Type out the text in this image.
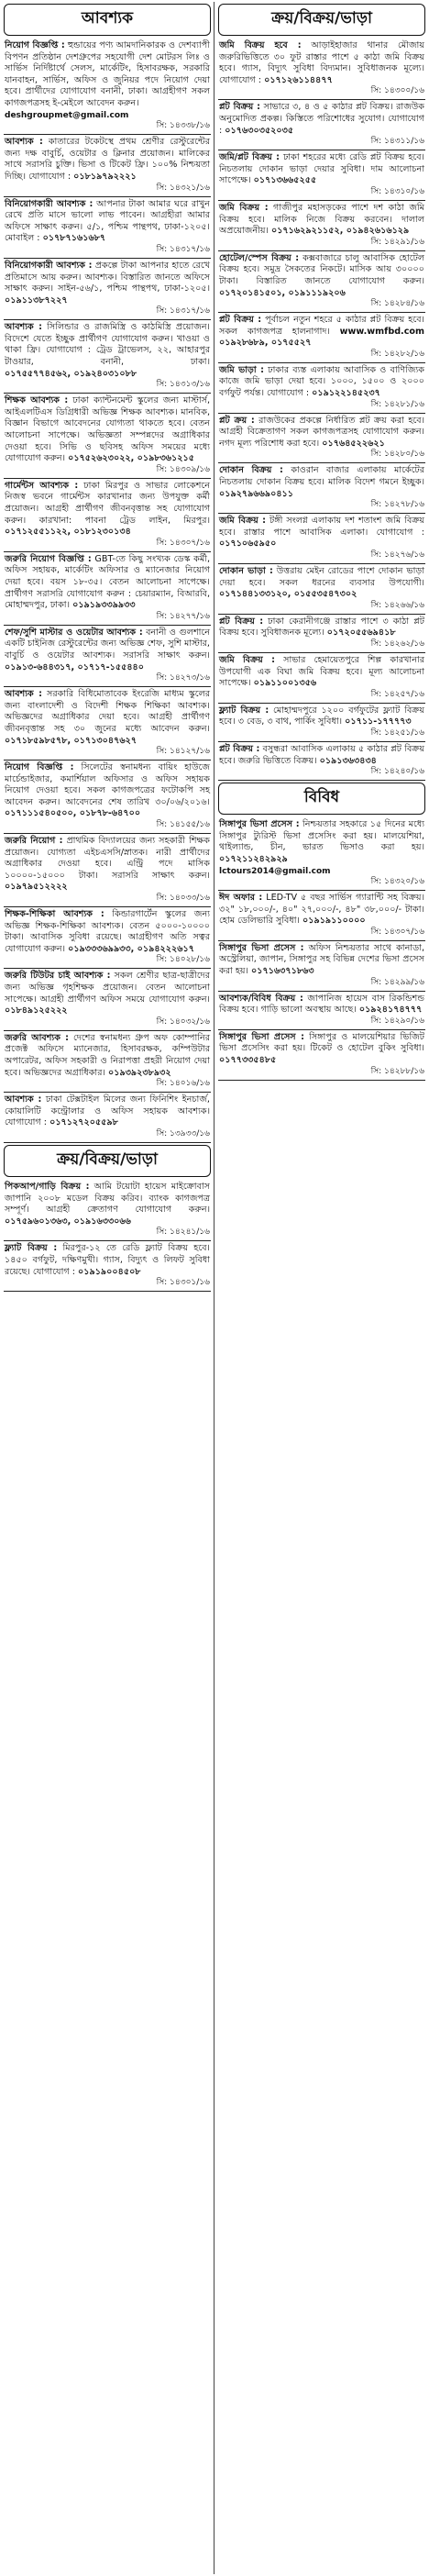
আবশ্যক
নিয়োগ বিজ্ঞপ্তি : হুন্ডায়ের পণ্য আমদানিকারক ও দেশব্যাপী বিপণন প্রতিষ্ঠান দেশগ্রুপের সহযোগী দেশ মোটরস লিঃ ও সার্ভিস নির্দিষ্টার্থে সেলস, মার্কেটিং, হিসাবরক্ষক, সরকারি যানবাহন, সার্ভিস, অফিস ও জুনিয়র পদে নিয়োগ দেয়া হবে। প্রার্থীদের যোগাযোগ বনানী, ঢাকা। আগ্রহীগণ সকল কাগজপত্রসহ ই-মেইলে আবেদন করুন।
deshgroupmet@gmail.com
সি: ১৪৩৩৮/১৬
আবশ্যক : কাতারের টকেটস্থে প্রথম শ্রেণীর রেস্টুরেন্টের জন্য দক্ষ বাবুর্চি, ওয়েটার ও ক্লিনার প্রয়োজন। মালিকের সাথে সরাসরি চুক্তি। ভিসা ও টিকেট ফ্রি। ১০০% নিশ্চয়তা দিচ্ছি। যোগাযোগ : ০১৮১৯৭৯২২২১
সি: ১৪৩২১/১৬
বিনিয়োগকারী আবশ্যক : আপনার টাকা আমার ঘরে রাখুন রেখে প্রতি মাসে ভালো লাভ পাবেন। আগ্রহীরা আমার অফিসে সাক্ষাৎ করুন। ৫/১, পশ্চিম পান্থপথ, ঢাকা-১২০৫। মোবাইল : ০১৭৮৭১৬১৬৮৭
সি: ১৪৩১৭/১৬
বিনিয়োগকারী আবশ্যক : প্রকল্পে টাকা আপনার হাতে রেখে প্রতিমাসে আয় করুন। আবশ্যক। বিস্তারিত জানতে অফিসে সাক্ষাৎ করুন। সাইন-৫৬/১, পশ্চিম পান্থপথ, ঢাকা-১২০৫। ০১৯১১৩৮৭২২৭
সি: ১৪৩১৭/১৬
আবশ্যক : সিলিন্ডার ও রাজমিস্ত্রি ও কাঠমিস্ত্রি প্রয়োজন। বিদেশে যেতে ইচ্ছুক প্রার্থীগণ যোগাযোগ করুন। খাওয়া ও থাকা ফ্রি। যোগাযোগ : ট্রেড ট্রাভেলস, ২২, আহারপুর টাওয়ার, বনানী, ঢাকা। ০১৭৫৫৭৭৪৫৬২, ০১৯২৪০৩১০৮৮
সি: ১৪৩১৩/১৬
শিক্ষক আবশ্যক : ঢাকা ক্যান্টনমেন্ট স্কুলের জন্য মাস্টার্স, আইএলটিএস ডিগ্রিধারী অভিজ্ঞ শিক্ষক আবশ্যক। মানবিক, বিজ্ঞান বিভাগে আবেদনের যোগ্যতা থাকতে হবে। বেতন আলোচনা সাপেক্ষে। অভিজ্ঞতা সম্পন্নদের অগ্রাধিকার দেওয়া হবে। সিভি ও ছবিসহ অফিস সময়ের মধ্যে যোগাযোগ করুন। ০১৭৫২৬২৩০২২, ০১৯৮৩৬১২১৫
সি: ১৪৩০৯/১৬
গার্মেন্টস আবশ্যক : ঢাকা মিরপুর ও সাভার লোকেশনে নিজস্ব ভবনে গার্মেন্টস কারখানার জন্য উপযুক্ত কর্মী প্রয়োজন। আগ্রহী প্রার্থীগণ জীবনবৃত্তান্ত সহ যোগাযোগ করুন। কারখানা: পাবনা ট্রেড লাইন, মিরপুর। ০১৭১২৫৫১১২২, ০১৮১২৩০১৩৪
সি: ১৪৩০৭/১৬
জরুরি নিয়োগ বিজ্ঞপ্তি : GBT-তে কিছু সংখ্যক ডেস্ক কর্মী, অফিস সহায়ক, মার্কেটিং অফিসার ও ম্যানেজার নিয়োগ দেয়া হবে। বয়স ১৮-৩৫। বেতন আলোচনা সাপেক্ষে। প্রার্থীগণ সরাসরি যোগাযোগ করুন : চেয়ারম্যান, বিআরবি, মোহাম্মদপুর, ঢাকা। ০১৯১৯৩৩৯৯৩৩
সি: ১৪২৭৭/১৬
শেফ/সুশি মাস্টার ও ওয়েটার আবশ্যক : বনানী ও গুলশানে একটি চাইনিজ রেস্টুরেন্টের জন্য অভিজ্ঞ শেফ, সুশি মাস্টার, বাবুর্চি ও ওয়েটার আবশ্যক। সরাসরি সাক্ষাৎ করুন। ০১৯১৩-৬৪৪৩১৭, ০১৭১৭-১৫৫৪৪০
সি: ১৪২৭৩/১৬
আবশ্যক : সরকারি বিধিমোতাবেক ইংরেজি মাধ্যম স্কুলের জন্য বাংলাদেশী ও বিদেশী শিক্ষক শিক্ষিকা আবশ্যক। অভিজ্ঞদের অগ্রাধিকার দেয়া হবে। আগ্রহী প্রার্থীগণ জীবনবৃত্তান্ত সহ ৩০ জুনের মধ্যে আবেদন করুন। ০১৭১৮৫৯৮৫৭৮, ০১৭১৩০৪৭৬২৭
সি: ১৪১২৭/১৬
নিয়োগ বিজ্ঞপ্তি : সিলেটের স্বনামধন্য বায়িং হাউজে মার্চেন্ডাইজার, কমার্শিয়াল অফিসার ও অফিস সহায়ক নিয়োগ দেওয়া হবে। সকল কাগজপত্রের ফটোকপি সহ আবেদন করুন। আবেদনের শেষ তারিখ ৩০/০৬/২০১৬। ০১৭১১১৫৪০৫০০, ০১৮৭৮-৬৪৭০০
সি: ১৪১৫৫/১৬
জরুরি নিয়োগ : প্রাথমিক বিদ্যালয়ের জন্য সহকারী শিক্ষক প্রয়োজন। যোগ্যতা এইচএসসি/স্নাতক। নারী প্রার্থীদের অগ্রাধিকার দেওয়া হবে। এন্ট্রি পদে মাসিক ১০০০০-১৫০০০ টাকা। সরাসরি সাক্ষাৎ করুন। ০১৯৭৯৫১২২২২
সি: ১৪০৩৩/১৬
শিক্ষক-শিক্ষিকা আবশ্যক : কিন্ডারগার্টেন স্কুলের জন্য অভিজ্ঞ শিক্ষক-শিক্ষিকা আবশ্যক। বেতন ৫০০০-১০০০০ টাকা। আবাসিক সুবিধা রয়েছে। আগ্রহীগণ অতি সত্বর যোগাযোগ করুন। ০১৯৩৩৩৬৯৯৩৩, ০১৯৪২২২৬১৭
সি: ১৪০২৮/১৬
জরুরি টিউটর চাই আবশ্যক : সকল শ্রেণীর ছাত্র-ছাত্রীদের জন্য অভিজ্ঞ গৃহশিক্ষক প্রয়োজন। বেতন আলোচনা সাপেক্ষে। আগ্রহী প্রার্থীগণ অফিস সময়ে যোগাযোগ করুন। ০১৮৪৯১২৫২২২
সি: ১৪০৩২/১৬
জরুরি আবশ্যক : দেশের স্বনামধন্য গ্রুপ অফ কোম্পানির প্রজেক্ট অফিসে ম্যানেজার, হিসাবরক্ষক, কম্পিউটার অপারেটর, অফিস সহকারী ও নিরাপত্তা প্রহরী নিয়োগ দেয়া হবে। অভিজ্ঞদের অগ্রাধিকার। ০১৯৩৯২৩৮৯৩২
সি: ১৪০১৬/১৬
আবশ্যক : ঢাকা টেক্সটাইল মিলের জন্য ফিনিশিং ইনচার্জ, কোয়ালিটি কন্ট্রোলার ও অফিস সহায়ক আবশ্যক। যোগাযোগ : ০১৭১২৭২০৫৫৯৮
সি: ১৩৯৩৩/১৬
ক্রয়/বিক্রয়/ভাড়া
পিকআপ/গাড়ি বিক্রয় : আমি টয়োটা হায়েস মাইক্রোবাস জাপানি ২০০৮ মডেল বিক্রয় করিব। ব্যাংক কাগজপত্র সম্পূর্ণ। আগ্রহী ক্রেতাগণ যোগাযোগ করুন। ০১৭৫৯৬০১৩৬৩, ০১৯১৬৩৩০৬৬
সি: ১৪২৪১/১৬
ফ্ল্যাট বিক্রয় : মিরপুর-১২ তে রেডি ফ্ল্যাট বিক্রয় হবে। ১৪৫০ বর্গফুট, দক্ষিণমুখী। গ্যাস, বিদ্যুৎ ও লিফট সুবিধা রয়েছে। যোগাযোগ : ০১৯১৯০০৪৫০৮
সি: ১৪৩০১/১৬
ক্রয়/বিক্রয়/ভাড়া
জমি বিক্রয় হবে : আড়াইহাজার থানার মৌজায় জরুরিভিত্তিতে ৩০ ফুট রাস্তার পাশে ৫ কাঠা জমি বিক্রয় হবে। গ্যাস, বিদ্যুৎ সুবিধা বিদ্যমান। সুবিধাজনক মূল্যে। যোগাযোগ : ০১৭১২৬১১৪৪৭৭
সি: ১৪৩০০/১৬
প্লট বিক্রয় : সাভারে ৩, ৪ ও ৫ কাঠার প্লট বিক্রয়। রাজউক অনুমোদিত প্রকল্প। কিস্তিতে পরিশোধের সুযোগ। যোগাযোগ : ০১৭৬৩০৩৫২০৩৫
সি: ১৪৩১১/১৬
জমি/প্লট বিক্রয় : ঢাকা শহরের মধ্যে রেডি প্লট বিক্রয় হবে। নিচতলায় দোকান ভাড়া দেয়ার সুবিধা। দাম আলোচনা সাপেক্ষে। ০১৭১৩৬৬৫২৫৫
সি: ১৪৩১০/১৬
জমি বিক্রয় : গাজীপুর মহাসড়কের পাশে দশ কাঠা জমি বিক্রয় হবে। মালিক নিজে বিক্রয় করবেন। দালাল অপ্রয়োজনীয়। ০১৭১৬২৯২১১৫২, ০১৯৪২৬১৬১২৯
সি: ১৪২৯১/১৬
হোটেল/স্পেস বিক্রয় : কক্সবাজারে চালু আবাসিক হোটেল বিক্রয় হবে। সমুদ্র সৈকতের নিকটে। মাসিক আয় ৩০০০০ টাকা। বিস্তারিত জানতে যোগাযোগ করুন। ০১৭২০১৪১৫০১, ০১৯১১১৯২০৬
সি: ১৪২৮৪/১৬
প্লট বিক্রয় : পূর্বাচল নতুন শহরে ৫ কাঠার প্লট বিক্রয় হবে। সকল কাগজপত্র হালনাগাদ। www.wmfbd.com ০১৯২৮৬৮৯, ০১৭৫৫২৭
সি: ১৪২৮২/১৬
জমি ভাড়া : ঢাকার ব্যস্ত এলাকায় আবাসিক ও বাণিজ্যিক কাজে জমি ভাড়া দেয়া হবে। ১০০০, ১৫০০ ও ২০০০ বর্গফুট পর্যন্ত। যোগাযোগ : ০১৯১২২১৪৫২৩৭
সি: ১৪২৮১/১৬
প্লট ক্রয় : রাজউকের প্রকল্পে নির্ধারিত প্লট ক্রয় করা হবে। আগ্রহী বিক্রেতাগণ সকল কাগজপত্রসহ যোগাযোগ করুন। নগদ মূল্য পরিশোধ করা হবে। ০১৭৬৪৫২২৬২১
সি: ১৪২৮০/১৬
দোকান বিক্রয় : কাওরান বাজার এলাকায় মার্কেটের নিচতলায় দোকান বিক্রয় হবে। মালিক বিদেশ গমনে ইচ্ছুক। ০১৯২৭৯৬৬৯০৪১১
সি: ১৪২৭৮/১৬
জমি বিক্রয় : টঙ্গী সংলগ্ন এলাকায় দশ শতাংশ জমি বিক্রয় হবে। রাস্তার পাশে আবাসিক এলাকা। যোগাযোগ : ০১৭১০৬৫৯৫০
সি: ১৪২৭৬/১৬
দোকান ভাড়া : উত্তরায় মেইন রোডের পাশে দোকান ভাড়া দেয়া হবে। সকল ধরনের ব্যবসার উপযোগী। ০১৭১৪৪১৩৩১২০, ০১৫৫৩৫৪৭৩০২
সি: ১৪২৬৬/১৬
প্লট বিক্রয় : ঢাকা কেরানীগঞ্জে রাস্তার পাশে ৩ কাঠা প্লট বিক্রয় হবে। সুবিধাজনক মূল্যে। ০১৭২০৫৫৬৯৪১৮
সি: ১৪২৬২/১৬
জমি বিক্রয় : সাভার হেমায়েতপুরে শিল্প কারখানার উপযোগী এক বিঘা জমি বিক্রয় হবে। মূল্য আলোচনা সাপেক্ষে। ০১৯১১০০১৩৫৬
সি: ১৪২৫৭/১৬
ফ্ল্যাট বিক্রয় : মোহাম্মদপুরে ১২০০ বর্গফুটের ফ্ল্যাট বিক্রয় হবে। ৩ বেড, ৩ বাথ, পার্কিং সুবিধা। ০১৭১১-১৭৭৭৭৩
সি: ১৪২৫১/১৬
প্লট বিক্রয় : বসুন্ধরা আবাসিক এলাকায় ৫ কাঠার প্লট বিক্রয় হবে। জরুরি ভিত্তিতে বিক্রয়। ০১৯১৩৬৩৪৩৪
সি: ১৪২৪০/১৬
বিবিধ
সিঙ্গাপুর ভিসা প্রসেস : নিশ্চয়তার সহকারে ১৫ দিনের মধ্যে সিঙ্গাপুর ট্যুরিস্ট ভিসা প্রসেসিং করা হয়। মালয়েশিয়া, থাইল্যান্ড, চীন, ভারত ভিসাও করা হয়। ০১৭২১১২৪২৯২৯
lctours2014@gmail.com
সি: ১৪৩২০/১৬
ঈদ অফার : LED-TV ৫ বছর সার্ভিস গ্যারান্টি সহ বিক্রয়। ৩২" ১৮,০০০/-, ৪০" ২৭,০০০/-, ৪৮" ৩৮,০০০/- টাকা। হোম ডেলিভারি সুবিধা। ০১৯১৯১১০০০০
সি: ১৪৩০৭/১৬
সিঙ্গাপুর ভিসা প্রসেস : অফিস নিশ্চয়তার সাথে কানাডা, অস্ট্রেলিয়া, জাপান, সিঙ্গাপুর সহ বিভিন্ন দেশের ভিসা প্রসেস করা হয়। ০১৭১৬৩৭১৮৬৩
সি: ১৪২৯৯/১৬
আবশ্যক/বিবিধ বিক্রয় : জাপানিজ হায়েস বাস রিকন্ডিশন্ড বিক্রয় হবে। গাড়ি ভালো অবস্থায় আছে। ০১৯২৪১৭৪৭৭৭
সি: ১৪২৯০/১৬
সিঙ্গাপুর ভিসা প্রসেস : সিঙ্গাপুর ও মালয়েশিয়ার ভিজিট ভিসা প্রসেসিং করা হয়। টিকেট ও হোটেল বুকিং সুবিধা। ০১৭৭৩৩৫৪৮৫
সি: ১৪২৮৮/১৬
